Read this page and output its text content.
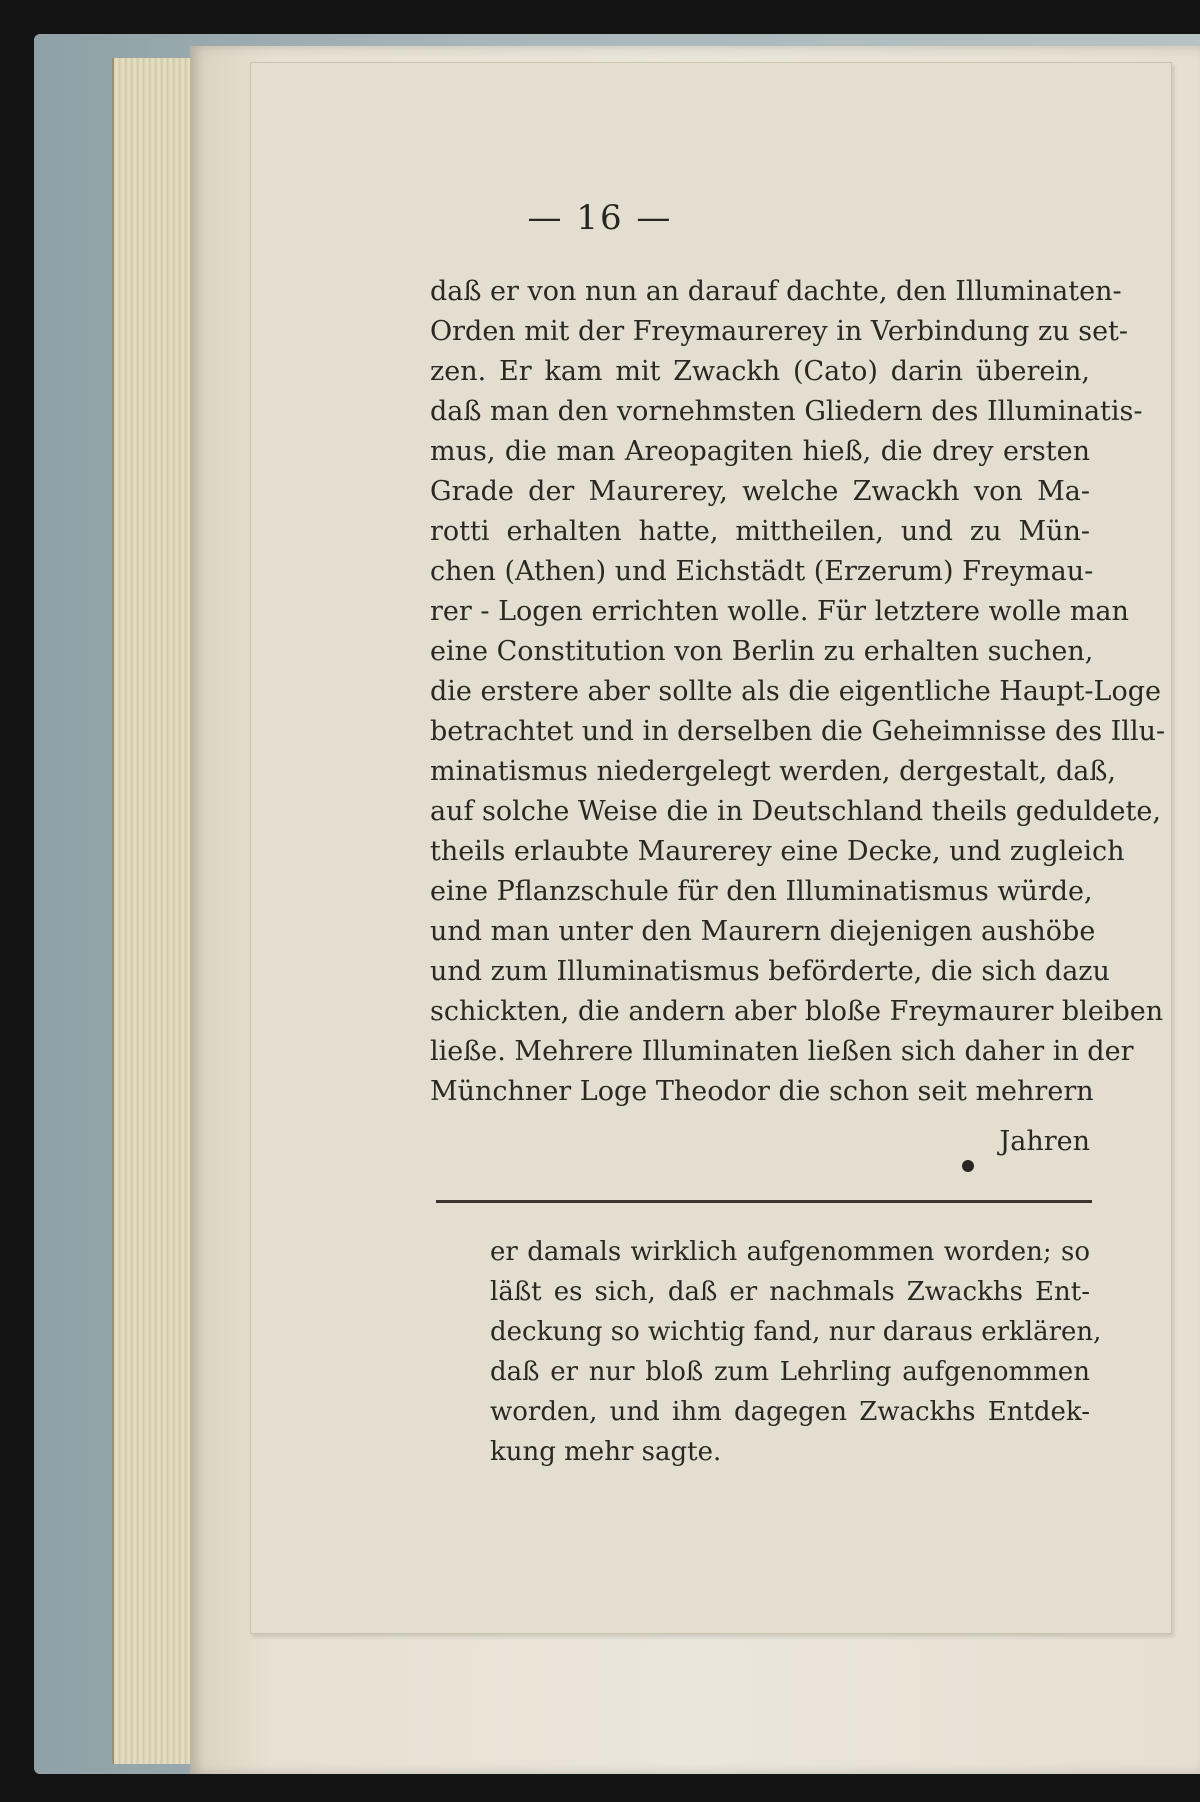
— 16 —
daß er von nun an darauf dachte, den Illuminaten-
Orden mit der Freymaurerey in Verbindung zu set-
zen. Er kam mit Zwackh (Cato) darin überein,
daß man den vornehmsten Gliedern des Illuminatis-
mus, die man Areopagiten hieß, die drey ersten
Grade der Maurerey, welche Zwackh von Ma-
rotti erhalten hatte, mittheilen, und zu Mün-
chen (Athen) und Eichstädt (Erzerum) Freymau-
rer - Logen errichten wolle. Für letztere wolle man
eine Constitution von Berlin zu erhalten suchen,
die erstere aber sollte als die eigentliche Haupt-Loge
betrachtet und in derselben die Geheimnisse des Illu-
minatismus niedergelegt werden, dergestalt, daß,
auf solche Weise die in Deutschland theils geduldete,
theils erlaubte Maurerey eine Decke, und zugleich
eine Pflanzschule für den Illuminatismus würde,
und man unter den Maurern diejenigen aushöbe
und zum Illuminatismus beförderte, die sich dazu
schickten, die andern aber bloße Freymaurer bleiben
ließe. Mehrere Illuminaten ließen sich daher in der
Münchner Loge Theodor die schon seit mehrern
Jahren
er damals wirklich aufgenommen worden; so
läßt es sich, daß er nachmals Zwackhs Ent-
deckung so wichtig fand, nur daraus erklären,
daß er nur bloß zum Lehrling aufgenommen
worden, und ihm dagegen Zwackhs Entdek-
kung mehr sagte.
